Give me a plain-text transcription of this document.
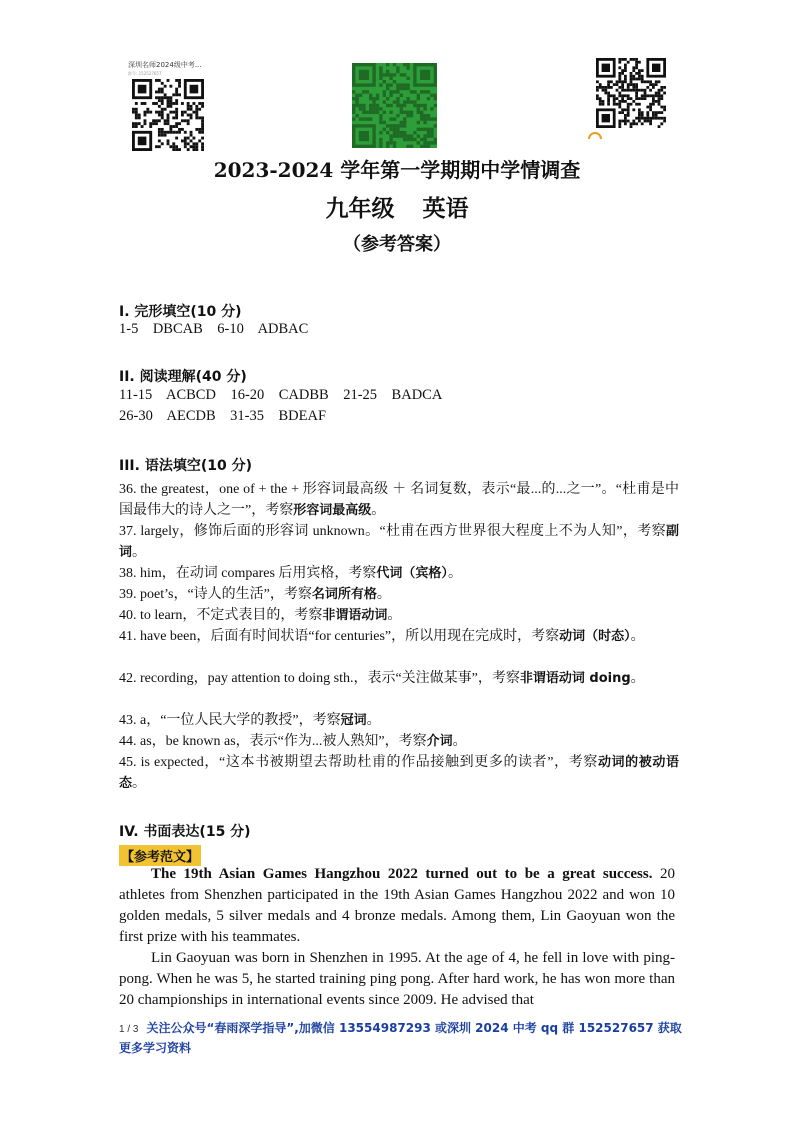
深圳名师2024级中考...
群号: 152527657
2023-2024 学年第一学期期中学情调查
九年级 英语
（参考答案）
I. 完形填空(10 分)
1-5    DBCAB    6-10    ADBAC
II. 阅读理解(40 分)
11-15    ACBCD    16-20    CADBB    21-25    BADCA
26-30    AECDB    31-35    BDEAF
III. 语法填空(10 分)
36. the greatest，one of + the + 形容词最高级 ＋ 名词复数，表示“最...的...之一”。“杜甫是中国最伟大的诗人之一”，考察形容词最高级。
37. largely，修饰后面的形容词 unknown。“杜甫在西方世界很大程度上不为人知”，考察副词。
38. him，在动词 compares 后用宾格，考察代词（宾格）。
39. poet’s，“诗人的生活”，考察名词所有格。
40. to learn，不定式表目的，考察非谓语动词。
41. have been，后面有时间状语“for centuries”，所以用现在完成时，考察动词（时态）。
42. recording，pay attention to doing sth.，表示“关注做某事”，考察非谓语动词 doing。
43. a，“一位人民大学的教授”，考察冠词。
44. as，be known as，表示“作为...被人熟知”，考察介词。
45. is expected，“这本书被期望去帮助杜甫的作品接触到更多的读者”，考察动词的被动语态。
IV. 书面表达(15 分)
【参考范文】

The 19th Asian Games Hangzhou 2022 turned out to be a great success. 20 athletes from Shenzhen participated in the 19th Asian Games Hangzhou 2022 and won 10 golden medals, 5 silver medals and 4 bronze medals. Among them, Lin Gaoyuan won the first prize with his teammates.

Lin Gaoyuan was born in Shenzhen in 1995. At the age of 4, he fell in love with ping-pong. When he was 5, he started training ping pong. After hard work, he has won more than 20 championships in international events since 2009. He advised that

1 / 3 关注公众号“春雨深学指导”,加微信 13554987293 或深圳 2024 中考 qq 群 152527657 获取更多学习资料
